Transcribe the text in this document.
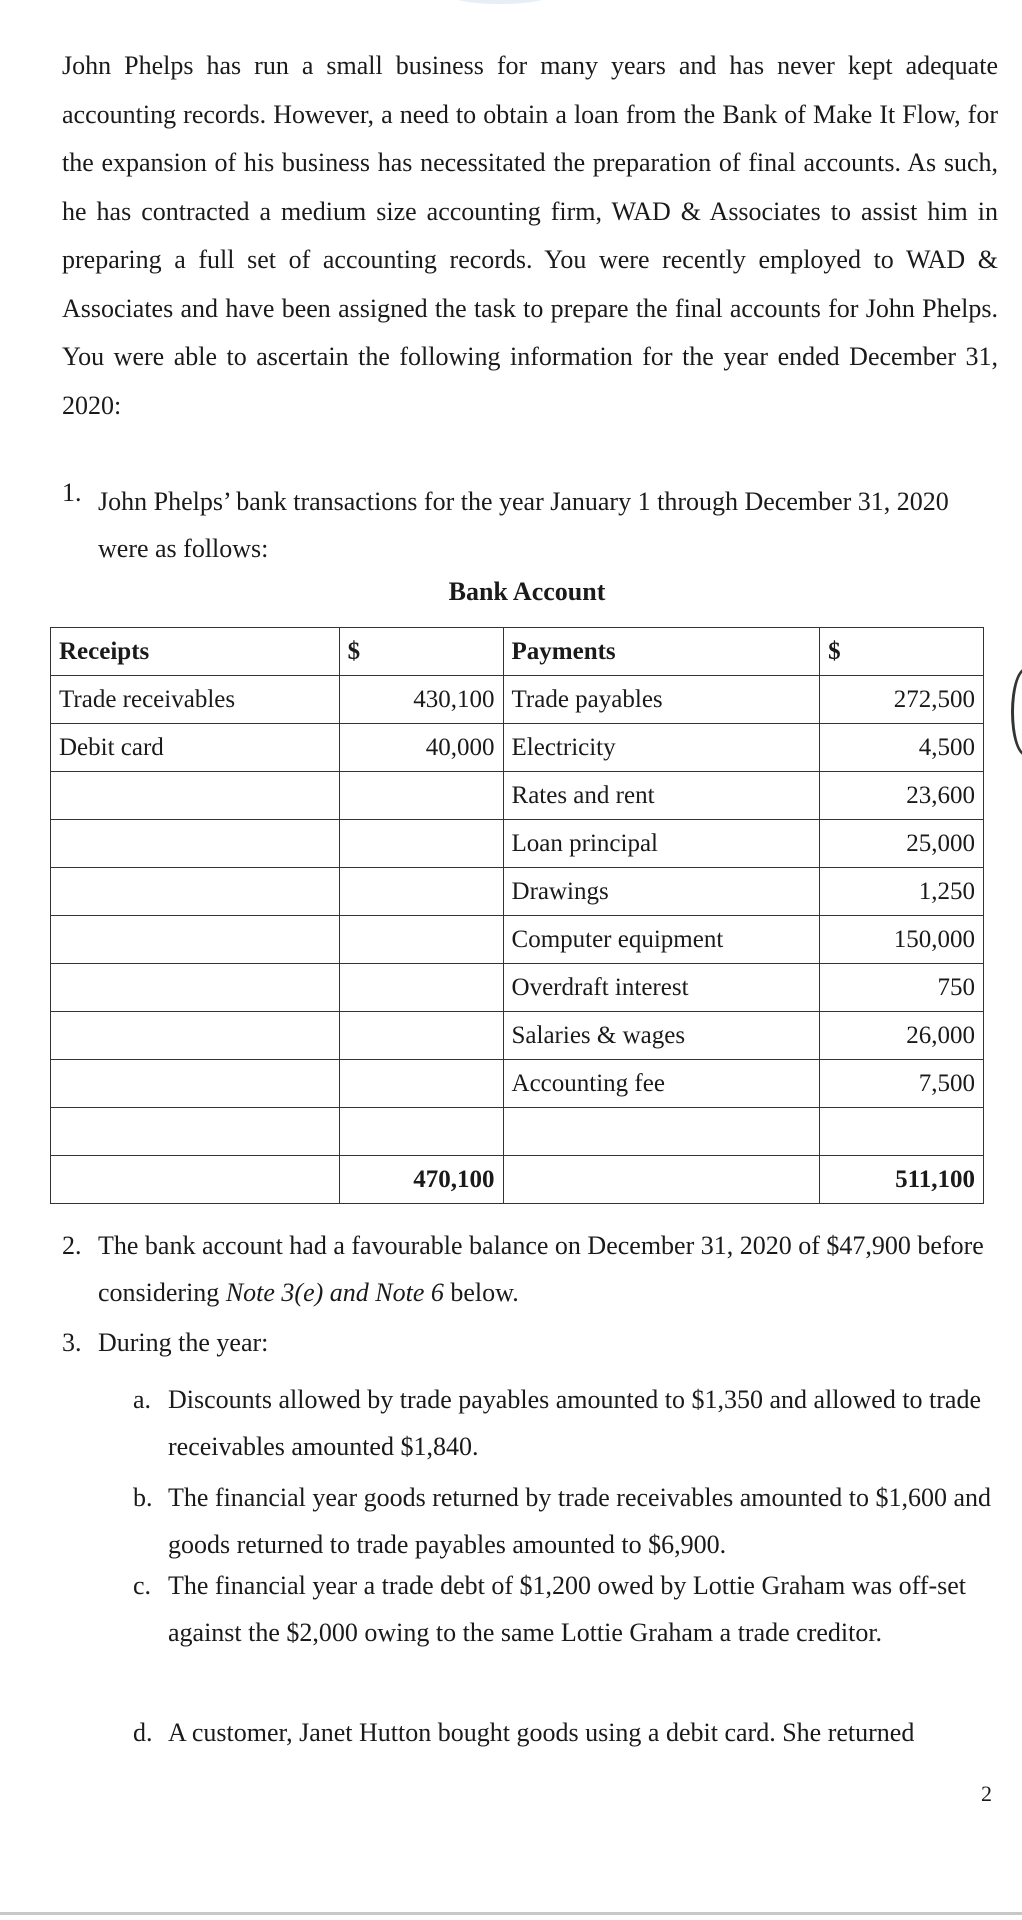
John Phelps has run a small business for many years and has never kept adequate accounting records. However, a need to obtain a loan from the Bank of Make It Flow, for the expansion of his business has necessitated the preparation of final accounts. As such, he has contracted a medium size accounting firm, WAD & Associates to assist him in preparing a full set of accounting records. You were recently employed to WAD & Associates and have been assigned the task to prepare the final accounts for John Phelps. You were able to ascertain the following information for the year ended December 31, 2020:

1. John Phelps’ bank transactions for the year January 1 through December 31, 2020 were as follows:
Bank Account
Receipts	$	Payments	$
Trade receivables	430,100	Trade payables	272,500
Debit card	40,000	Electricity	4,500
		Rates and rent	23,600
		Loan principal	25,000
		Drawings	1,250
		Computer equipment	150,000
		Overdraft interest	750
		Salaries & wages	26,000
		Accounting fee	7,500

	470,100		511,100
2. The bank account had a favourable balance on December 31, 2020 of $47,900 before considering Note 3(e) and Note 6 below.
3. During the year:
a. Discounts allowed by trade payables amounted to $1,350 and allowed to trade receivables amounted $1,840.
b. The financial year goods returned by trade receivables amounted to $1,600 and goods returned to trade payables amounted to $6,900.
c. The financial year a trade debt of $1,200 owed by Lottie Graham was off-set against the $2,000 owing to the same Lottie Graham a trade creditor.
d. A customer, Janet Hutton bought goods using a debit card. She returned
2
